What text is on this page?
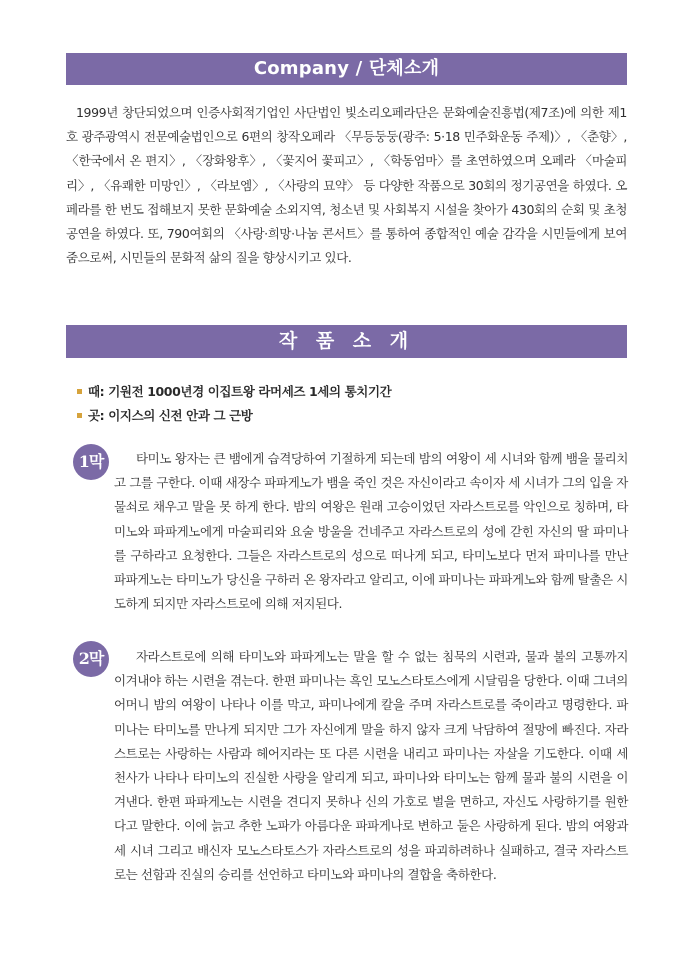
Company / 단체소개

1999년 창단되었으며 인증사회적기업인 사단법인 빛소리오페라단은 문화예술진흥법(제7조)에 의한 제1호 광주광역시 전문예술법인으로 6편의 창작오페라 〈무등둥둥(광주: 5·18 민주화운동 주제)〉, 〈춘향〉, 〈한국에서 온 편지〉, 〈장화왕후〉, 〈꽃지어 꽃피고〉, 〈학동엄마〉를 초연하였으며 오페라 〈마술피리〉, 〈유쾌한 미망인〉, 〈라보엠〉, 〈사랑의 묘약〉 등 다양한 작품으로 30회의 정기공연을 하였다. 오페라를 한 번도 접해보지 못한 문화예술 소외지역, 청소년 및 사회복지 시설을 찾아가 430회의 순회 및 초청공연을 하였다. 또, 790여회의 〈사랑·희망·나눔 콘서트〉를 통하여 종합적인 예술 감각을 시민들에게 보여줌으로써, 시민들의 문화적 삶의 질을 향상시키고 있다.

작 품 소 개
때: 기원전 1000년경 이집트왕 라머세즈 1세의 통치기간
곳: 이지스의 신전 안과 그 근방
1막	타미노 왕자는 큰 뱀에게 습격당하여 기절하게 되는데 밤의 여왕이 세 시녀와 함께 뱀을 물리치고 그를 구한다. 이때 새장수 파파게노가 뱀을 죽인 것은 자신이라고 속이자 세 시녀가 그의 입을 자물쇠로 채우고 말을 못 하게 한다. 밤의 여왕은 원래 고승이었던 자라스트로를 악인으로 칭하며, 타미노와 파파게노에게 마술피리와 요술 방울을 건네주고 자라스트로의 성에 갇힌 자신의 딸 파미나를 구하라고 요청한다. 그들은 자라스트로의 성으로 떠나게 되고, 타미노보다 먼저 파미나를 만난 파파게노는 타미노가 당신을 구하러 온 왕자라고 알리고, 이에 파미나는 파파게노와 함께 탈출은 시도하게 되지만 자라스트로에 의해 저지된다.

2막	자라스트로에 의해 타미노와 파파게노는 말을 할 수 없는 침묵의 시련과, 물과 불의 고통까지 이겨내야 하는 시련을 겪는다. 한편 파미나는 흑인 모노스타토스에게 시달림을 당한다. 이때 그녀의 어머니 밤의 여왕이 나타나 이를 막고, 파미나에게 칼을 주며 자라스트로를 죽이라고 명령한다. 파미나는 타미노를 만나게 되지만 그가 자신에게 말을 하지 않자 크게 낙담하여 절망에 빠진다. 자라스트로는 사랑하는 사람과 헤어지라는 또 다른 시련을 내리고 파미나는 자살을 기도한다. 이때 세 천사가 나타나 타미노의 진실한 사랑을 알리게 되고, 파미나와 타미노는 함께 물과 불의 시련을 이겨낸다. 한편 파파게노는 시련을 견디지 못하나 신의 가호로 벌을 면하고, 자신도 사랑하기를 원한다고 말한다. 이에 늙고 추한 노파가 아름다운 파파게나로 변하고 둘은 사랑하게 된다. 밤의 여왕과 세 시녀 그리고 배신자 모노스타토스가 자라스트로의 성을 파괴하려하나 실패하고, 결국 자라스트로는 선함과 진실의 승리를 선언하고 타미노와 파미나의 결합을 축하한다.
